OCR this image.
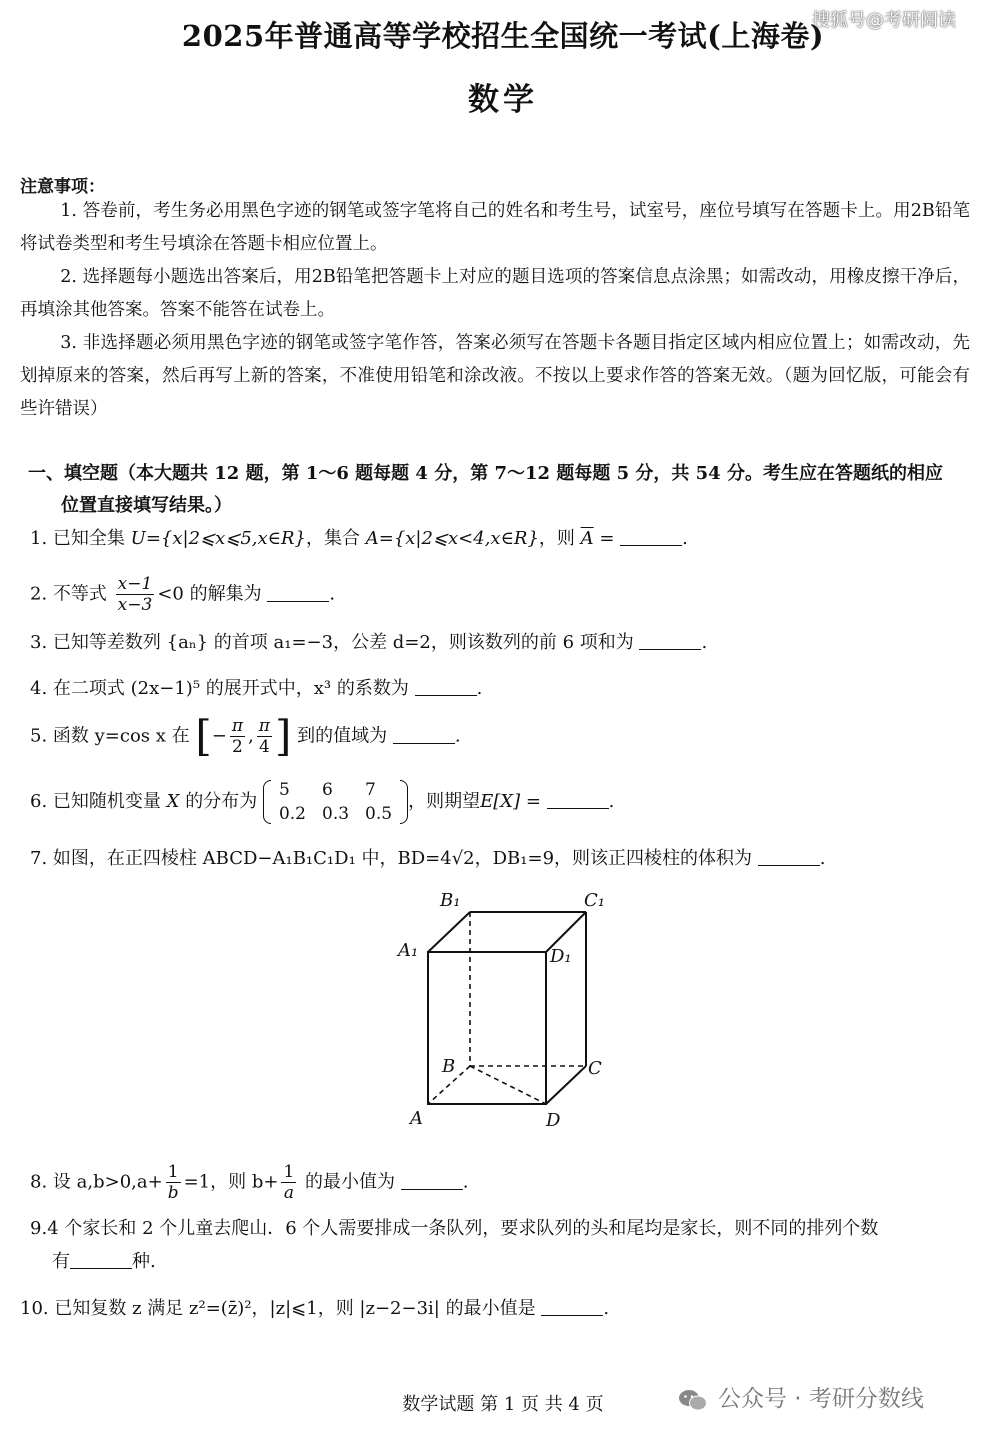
搜狐号@考研阅读
2025年普通高等学校招生全国统一考试(上海卷)
数学
注意事项：

1. 答卷前，考生务必用黑色字迹的钢笔或签字笔将自己的姓名和考生号，试室号，座位号填写在答题卡上。用2B铅笔将试卷类型和考生号填涂在答题卡相应位置上。

2. 选择题每小题选出答案后，用2B铅笔把答题卡上对应的题目选项的答案信息点涂黑；如需改动，用橡皮擦干净后，再填涂其他答案。答案不能答在试卷上。

3. 非选择题必须用黑色字迹的钢笔或签字笔作答，答案必须写在答题卡各题目指定区域内相应位置上；如需改动，先划掉原来的答案，然后再写上新的答案，不准使用铅笔和涂改液。不按以上要求作答的答案无效。（题为回忆版，可能会有些许错误）

一、填空题（本大题共 12 题，第 1～6 题每题 4 分，第 7～12 题每题 5 分，共 54 分。考生应在答题纸的相应
位置直接填写结果。）
1. 已知全集 U={x|2⩽x⩽5,x∈R}，集合 A={x|2⩽x<4,x∈R}，则 $\overline{A}$ =	.
2. 不等式 $\frac{x-1}{x-3} <0$ 的解集为	.
3. 已知等差数列 {aₙ} 的首项 a₁=−3，公差 d=2，则该数列的前 6 项和为	.
4. 在二项式 (2x−1)⁵ 的展开式中，x³ 的系数为	.
5. 函数 y=cos x 在 [− $\frac{\pi}{2}$ , $\frac{\pi}{4}$ ] 到的值域为	.
6. 已知随机变量 X 的分布为
5	6	7
0.2	0.3	0.5
，则期望E[X] =	.
7. 如图，在正四棱柱 ABCD−A₁B₁C₁D₁ 中，BD=4√2，DB₁=9，则该正四棱柱的体积为	.
B₁	C₁
A₁	D₁
B	C
A	D
8. 设 $a,b>0,a+ \frac{1}{b} =1$，则 $b+ \frac{1}{a}$ 的最小值为	.
9.4 个家长和 2 个儿童去爬山．6 个人需要排成一条队列，要求队列的头和尾均是家长，则不同的排列个数
有	种.
10. 已知复数 z 满足 z²=(z̄)²，|z|⩽1，则 |z−2−3i| 的最小值是	.
数学试题 第 1 页 共 4 页	公众号 · 考研分数线
